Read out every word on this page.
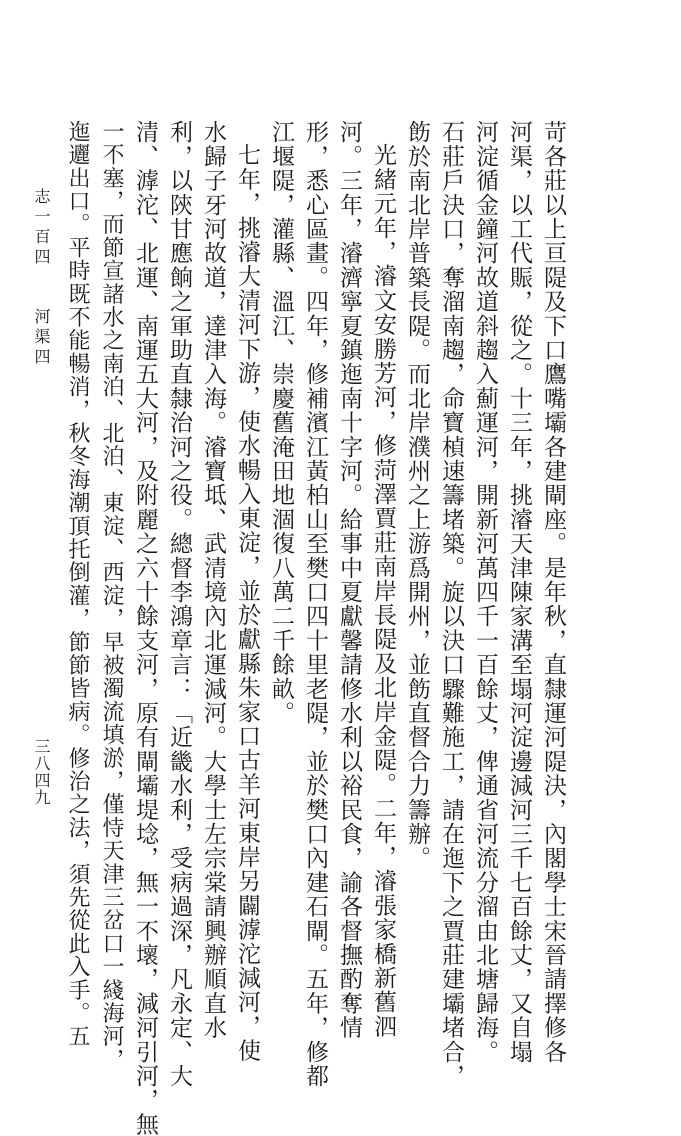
苛各莊以上亘隄及下口鷹嘴壩各建閘座。是年秋，直隸運河隄決，內閣學士宋晉請擇修各
河渠，以工代賑，從之。十三年，挑濬天津陳家溝至塌河淀邊減河三千七百餘丈，又自塌
河淀循金鐘河故道斜趨入薊運河，開新河萬四千一百餘丈，俾通省河流分溜由北塘歸海。
石莊戶決口，奪溜南趨，命寶楨速籌堵築。旋以決口驟難施工，請在迤下之賈莊建壩堵合，
飭於南北岸普築長隄。而北岸濮州之上游爲開州，並飭直督合力籌辦。
光緒元年，濬文安勝芳河，修菏澤賈莊南岸長隄及北岸金隄。二年，濬張家橋新舊泗
河。三年，濬濟寧夏鎮迤南十字河。給事中夏獻馨請修水利以裕民食，諭各督撫酌奪情
形，悉心區畫。四年，修補濱江黃柏山至樊口四十里老隄，並於樊口內建石閘。五年，修都
江堰隄，灌縣、溫江、崇慶舊淹田地涸復八萬二千餘畝。
七年，挑濬大清河下游，使水暢入東淀，並於獻縣朱家口古羊河東岸另闢滹沱減河，使
水歸子牙河故道，達津入海。濬寶坻、武清境內北運減河。大學士左宗棠請興辦順直水
利，以陝甘應餉之軍助直隸治河之役。總督李鴻章言：「近畿水利，受病過深，凡永定、大
清、滹沱、北運、南運五大河，及附麗之六十餘支河，原有閘壩堤埝，無一不壞，減河引河，無
一不塞，而節宣諸水之南泊、北泊、東淀、西淀，早被濁流填淤，僅恃天津三岔口一綫海河，
迤邐出口。平時既不能暢消，秋冬海潮頂托倒灌，節節皆病。修治之法，須先從此入手。五
志一百四　　河渠四
三八四九
